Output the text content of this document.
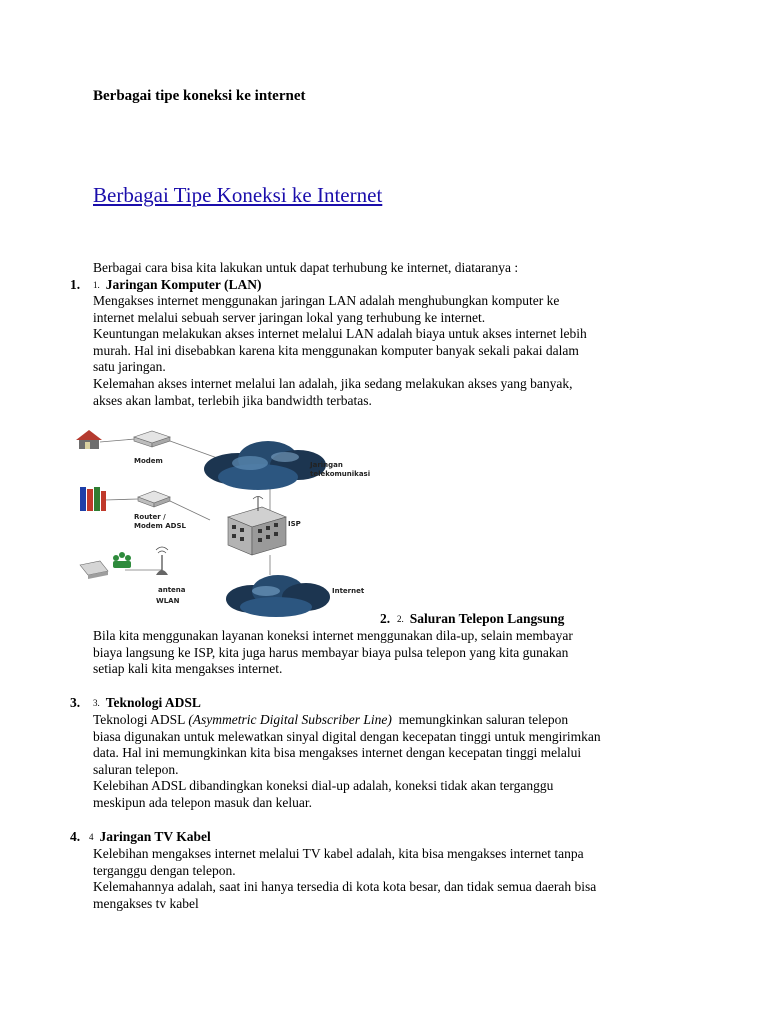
Berbagai tipe koneksi ke internet
Berbagai Tipe Koneksi ke Internet
Berbagai cara bisa kita lakukan untuk dapat terhubung ke internet, diataranya :
1. 1. Jaringan Komputer (LAN)
Mengakses internet menggunakan jaringan LAN adalah menghubungkan komputer ke
internet melalui sebuah server jaringan lokal yang terhubung ke internet.
Keuntungan melakukan akses internet melalui LAN adalah biaya untuk akses internet lebih
murah. Hal ini disebabkan karena kita menggunakan komputer banyak sekali pakai dalam
satu jaringan.
Kelemahan akses internet melalui lan adalah, jika sedang melakukan akses yang banyak,
akses akan lambat, terlebih jika bandwidth terbatas.
Modem
Router /
Modem ADSL
antena
WLAN
Jaringan
telekomunikasi
ISP
Internet
2. 2. Saluran Telepon Langsung
Bila kita menggunakan layanan koneksi internet menggunakan dila-up, selain membayar
biaya langsung ke ISP, kita juga harus membayar biaya pulsa telepon yang kita gunakan
setiap kali kita mengakses internet.
3. 3. Teknologi ADSL
Teknologi ADSL (Asymmetric Digital Subscriber Line)  memungkinkan saluran telepon
biasa digunakan untuk melewatkan sinyal digital dengan kecepatan tinggi untuk mengirimkan
data. Hal ini memungkinkan kita bisa mengakses internet dengan kecepatan tinggi melalui
saluran telepon.
Kelebihan ADSL dibandingkan koneksi dial-up adalah, koneksi tidak akan terganggu
meskipun ada telepon masuk dan keluar.
4. 4 Jaringan TV Kabel
Kelebihan mengakses internet melalui TV kabel adalah, kita bisa mengakses internet tanpa
terganggu dengan telepon.
Kelemahannya adalah, saat ini hanya tersedia di kota kota besar, dan tidak semua daerah bisa
mengakses tv kabel
